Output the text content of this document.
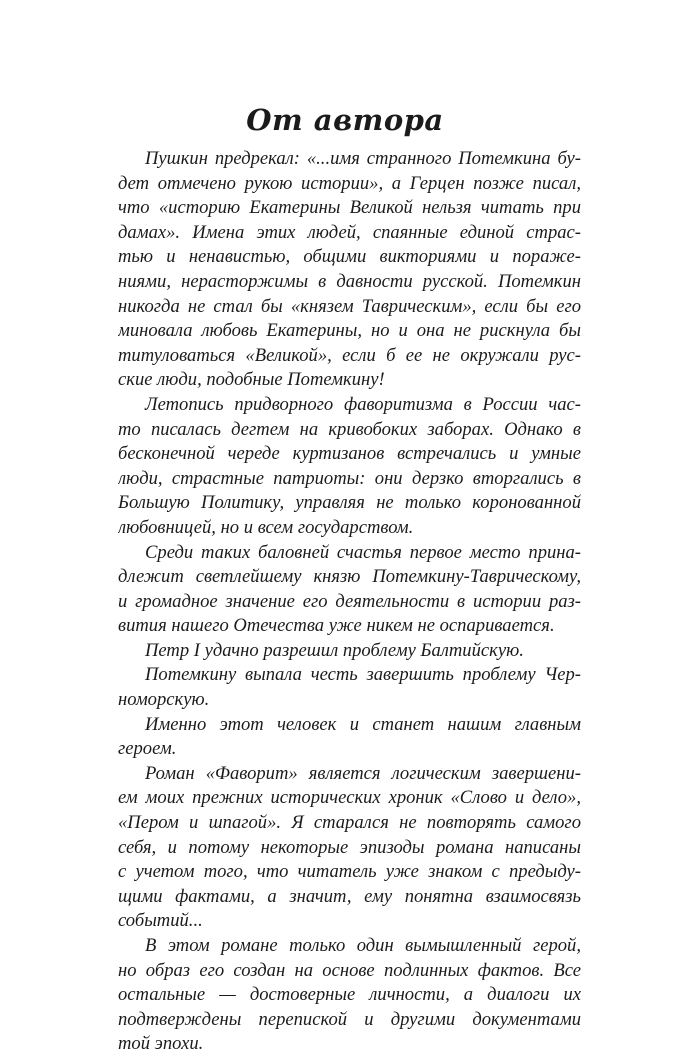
От автора
Пушкин предрекал: «...имя странного Потемкина бу-
дет отмечено рукою истории», а Герцен позже писал,
что «историю Екатерины Великой нельзя читать при
дамах». Имена этих людей, спаянные единой страс-
тью и ненавистью, общими викториями и пораже-
ниями, нерасторжимы в давности русской. Потемкин
никогда не стал бы «князем Таврическим», если бы его
миновала любовь Екатерины, но и она не рискнула бы
титуловаться «Великой», если б ее не окружали рус-
ские люди, подобные Потемкину!
Летопись придворного фаворитизма в России час-
то писалась дегтем на кривобоких заборах. Однако в
бесконечной череде куртизанов встречались и умные
люди, страстные патриоты: они дерзко вторгались в
Большую Политику, управляя не только коронованной
любовницей, но и всем государством.
Среди таких баловней счастья первое место прина-
длежит светлейшему князю Потемкину-Таврическому,
и громадное значение его деятельности в истории раз-
вития нашего Отечества уже никем не оспаривается.
Петр I удачно разрешил проблему Балтийскую.
Потемкину выпала честь завершить проблему Чер-
номорскую.
Именно этот человек и станет нашим главным
героем.
Роман «Фаворит» является логическим завершени-
ем моих прежних исторических хроник «Слово и дело»,
«Пером и шпагой». Я старался не повторять самого
себя, и потому некоторые эпизоды романа написаны
с учетом того, что читатель уже знаком с предыду-
щими фактами, а значит, ему понятна взаимосвязь
событий...
В этом романе только один вымышленный герой,
но образ его создан на основе подлинных фактов. Все
остальные — достоверные личности, а диалоги их
подтверждены перепиской и другими документами
той эпохи.
